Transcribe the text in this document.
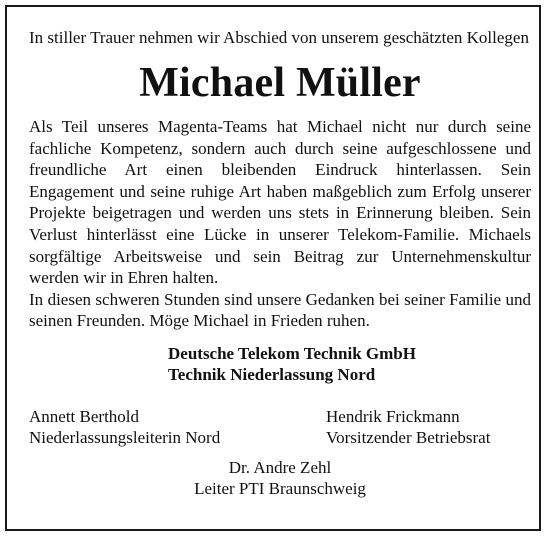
In stiller Trauer nehmen wir Abschied von unserem geschätzten Kollegen
Michael Müller
Als Teil unseres Magenta-Teams hat Michael nicht nur durch seine fachliche Kompetenz, sondern auch durch seine aufgeschlossene und freundliche Art einen bleibenden Eindruck hinterlassen. Sein Engagement und seine ruhige Art haben maßgeblich zum Erfolg unserer Projekte beigetragen und werden uns stets in Erinnerung bleiben. Sein Verlust hinterlässt eine Lücke in unserer Telekom-Familie. Michaels sorgfältige Arbeitsweise und sein Beitrag zur Unternehmenskultur werden wir in Ehren halten.
In diesen schweren Stunden sind unsere Gedanken bei seiner Familie und seinen Freunden. Möge Michael in Frieden ruhen.
Deutsche Telekom Technik GmbH
Technik Niederlassung Nord
Annett Berthold
Niederlassungsleiterin Nord
Hendrik Frickmann
Vorsitzender Betriebsrat
Dr. Andre Zehl
Leiter PTI Braunschweig
